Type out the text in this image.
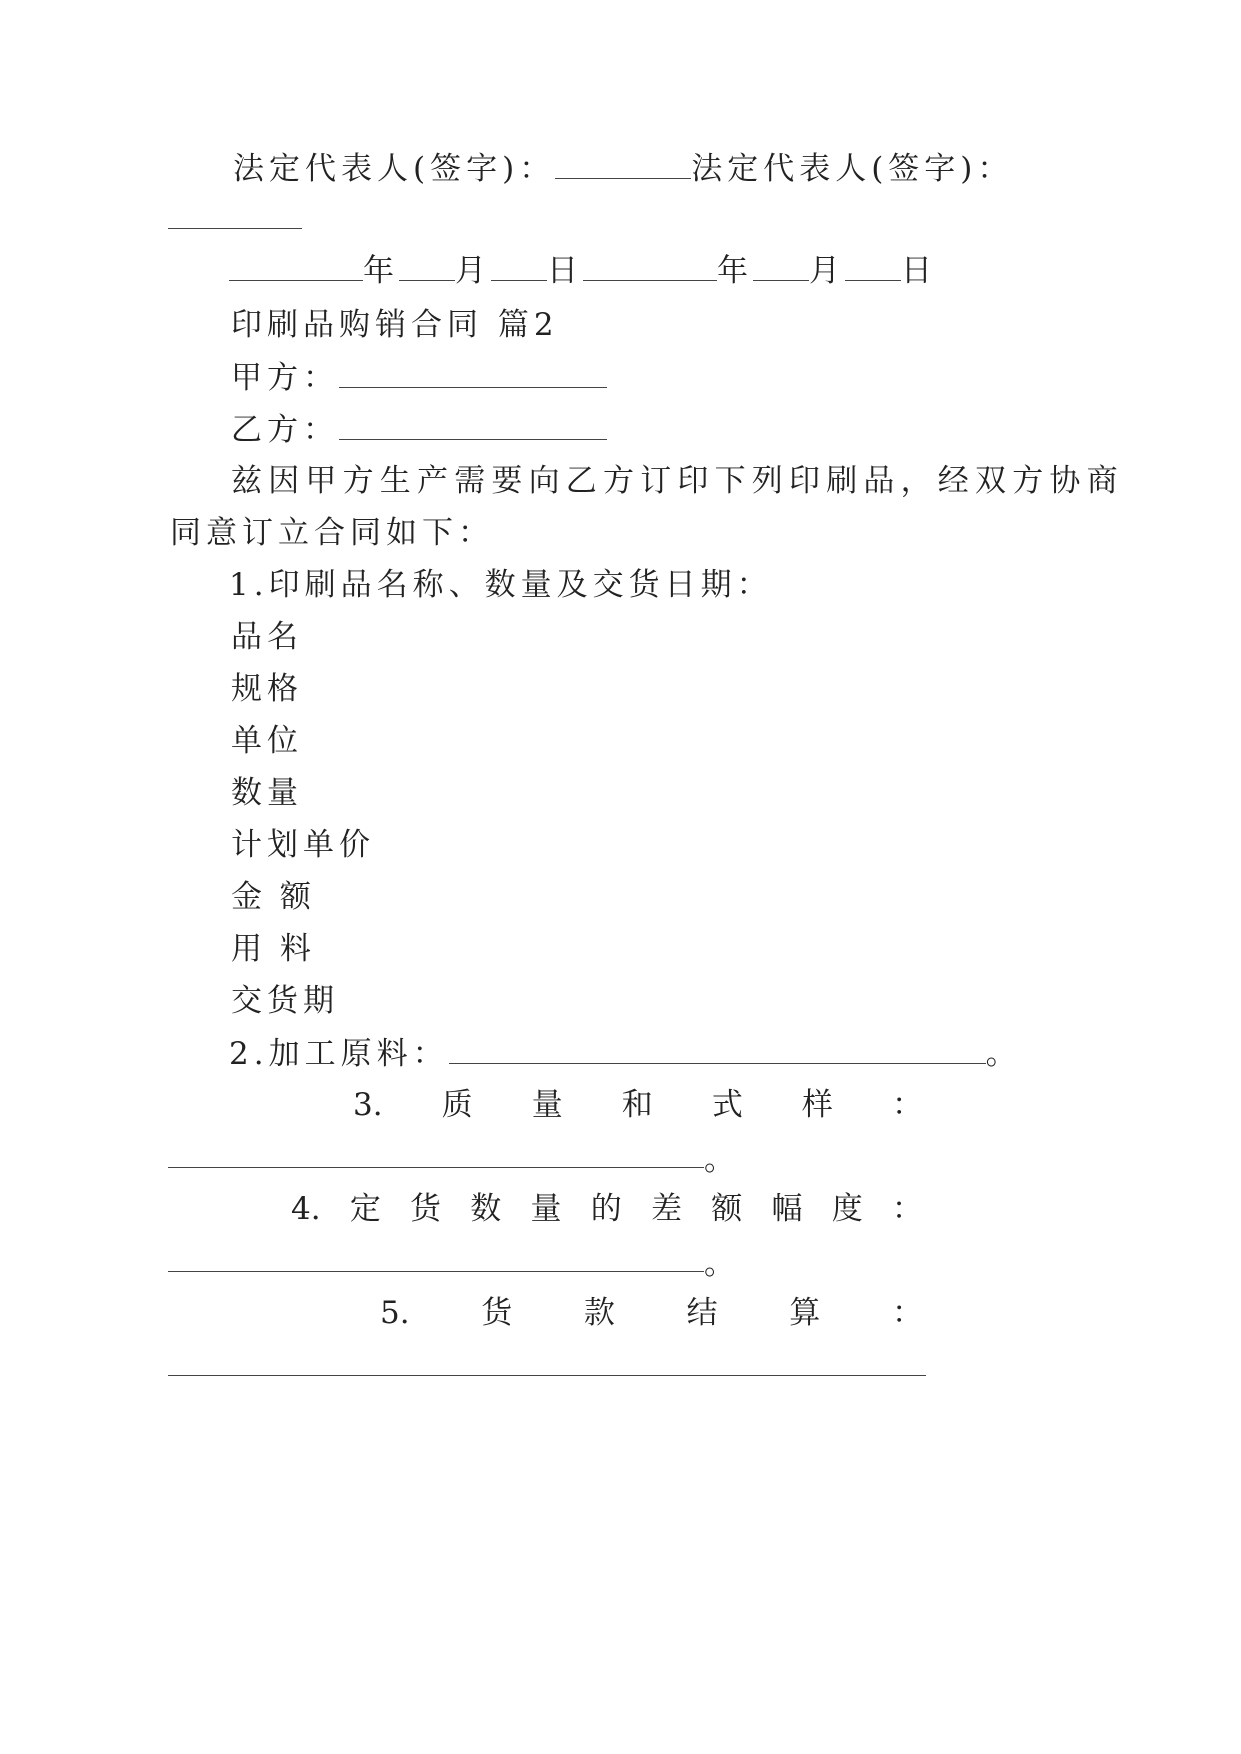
法定代表人(签字)：	法定代表人(签字)：
年 月 日	年 月 日
印刷品购销合同 篇2
甲方：
乙方：
兹因甲方生产需要向乙方订印下列印刷品，经双方协商
同意订立合同如下：
1.印刷品名称、数量及交货日期：
品名
规格
单位
数量
计划单价
金 额
用 料
交货期
2.加工原料：	。
3. 质 量 和 式 样 ：
。
4. 定 货 数 量 的 差 额 幅 度 ：
。
5. 货 款 结 算 ：
